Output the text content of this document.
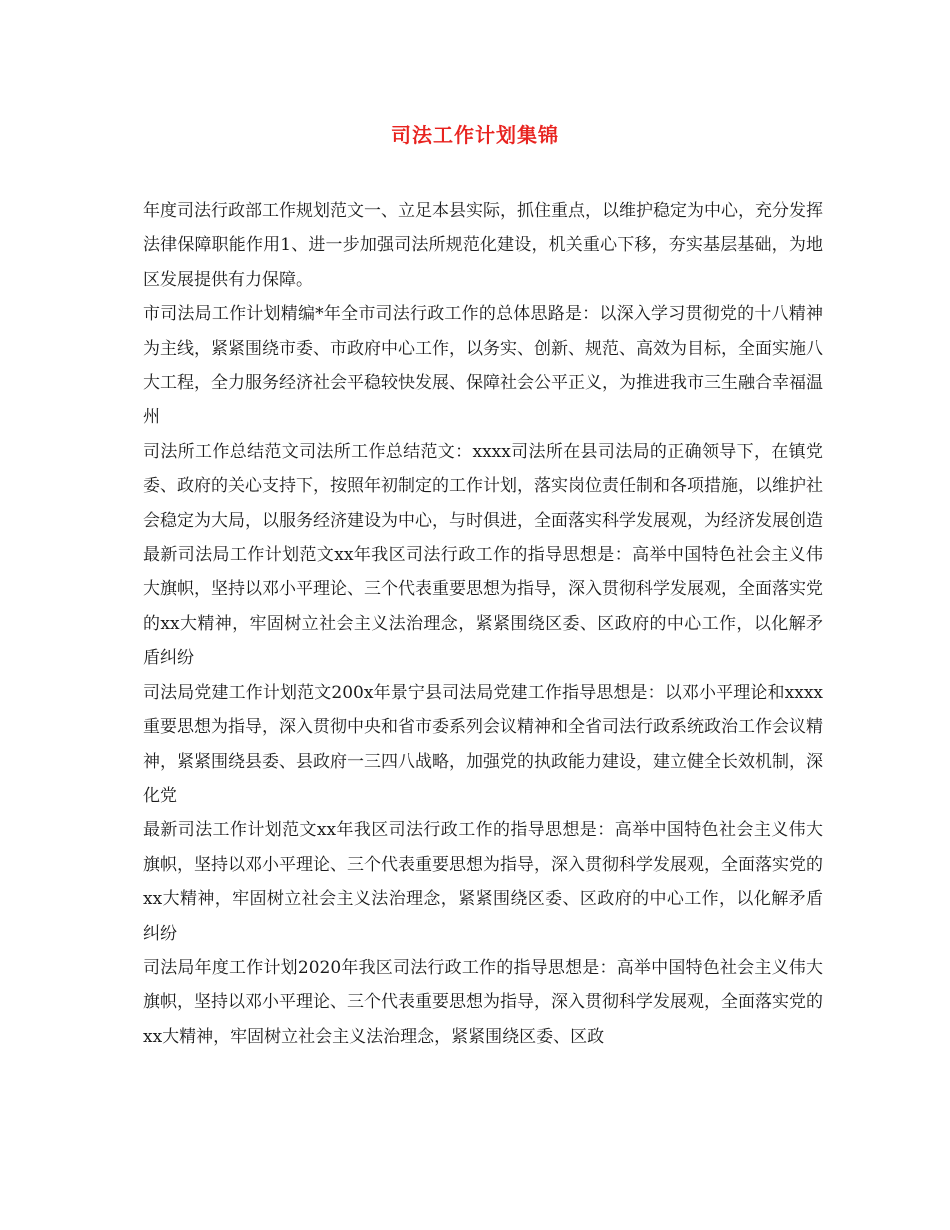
司法工作计划集锦

年度司法行政部工作规划范文一、立足本县实际，抓住重点，以维护稳定为中心，充分发挥法律保障职能作用1、进一步加强司法所规范化建设，机关重心下移，夯实基层基础，为地区发展提供有力保障。

市司法局工作计划精编*年全市司法行政工作的总体思路是：以深入学习贯彻党的十八精神为主线，紧紧围绕市委、市政府中心工作，以务实、创新、规范、高效为目标，全面实施八大工程，全力服务经济社会平稳较快发展、保障社会公平正义，为推进我市三生融合幸福温州

司法所工作总结范文司法所工作总结范文：xxxx司法所在县司法局的正确领导下，在镇党委、政府的关心支持下，按照年初制定的工作计划，落实岗位责任制和各项措施，以维护社会稳定为大局，以服务经济建设为中心，与时俱进，全面落实科学发展观，为经济发展创造

最新司法局工作计划范文xx年我区司法行政工作的指导思想是：高举中国特色社会主义伟大旗帜，坚持以邓小平理论、三个代表重要思想为指导，深入贯彻科学发展观，全面落实党的xx大精神，牢固树立社会主义法治理念，紧紧围绕区委、区政府的中心工作，以化解矛盾纠纷

司法局党建工作计划范文200x年景宁县司法局党建工作指导思想是：以邓小平理论和xxxx重要思想为指导，深入贯彻中央和省市委系列会议精神和全省司法行政系统政治工作会议精神，紧紧围绕县委、县政府一三四八战略，加强党的执政能力建设，建立健全长效机制，深化党

最新司法工作计划范文xx年我区司法行政工作的指导思想是：高举中国特色社会主义伟大旗帜，坚持以邓小平理论、三个代表重要思想为指导，深入贯彻科学发展观，全面落实党的xx大精神，牢固树立社会主义法治理念，紧紧围绕区委、区政府的中心工作，以化解矛盾纠纷

司法局年度工作计划2020年我区司法行政工作的指导思想是：高举中国特色社会主义伟大旗帜，坚持以邓小平理论、三个代表重要思想为指导，深入贯彻科学发展观，全面落实党的xx大精神，牢固树立社会主义法治理念，紧紧围绕区委、区政
